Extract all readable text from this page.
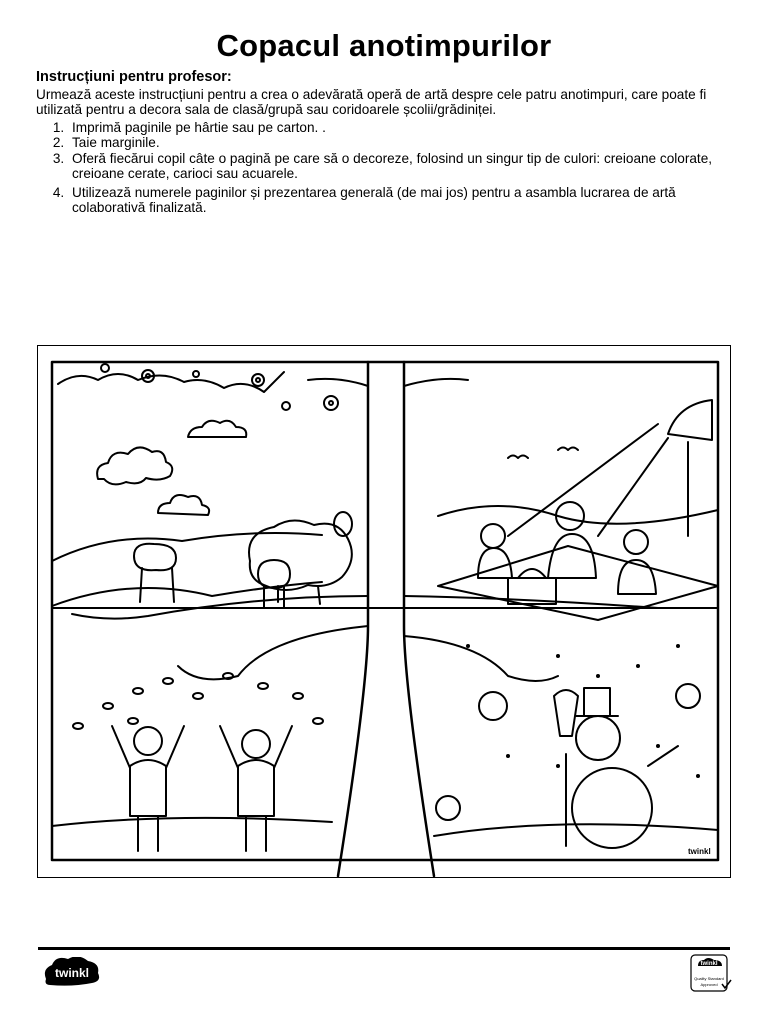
Copacul anotimpurilor
Instrucțiuni pentru profesor:

Urmează aceste instrucțiuni pentru a crea o adevărată operă de artă despre cele patru anotimpuri, care poate fi utilizată pentru a decora sala de clasă/grupă sau coridoarele școlii/grădiniței.

1. Imprimă paginile pe hârtie sau pe carton. .
2. Taie marginile.
3. Oferă fiecărui copil câte o pagină pe care să o decoreze, folosind un singur tip de culori: creioane colorate, creioane cerate, carioci sau acuarele.
4. Utilizează numerele paginilor și prezentarea generală (de mai jos) pentru a asambla lucrarea de artă colaborativă finalizată.
twinkl
twinkl
twinkl
Quality Standard
Approved
